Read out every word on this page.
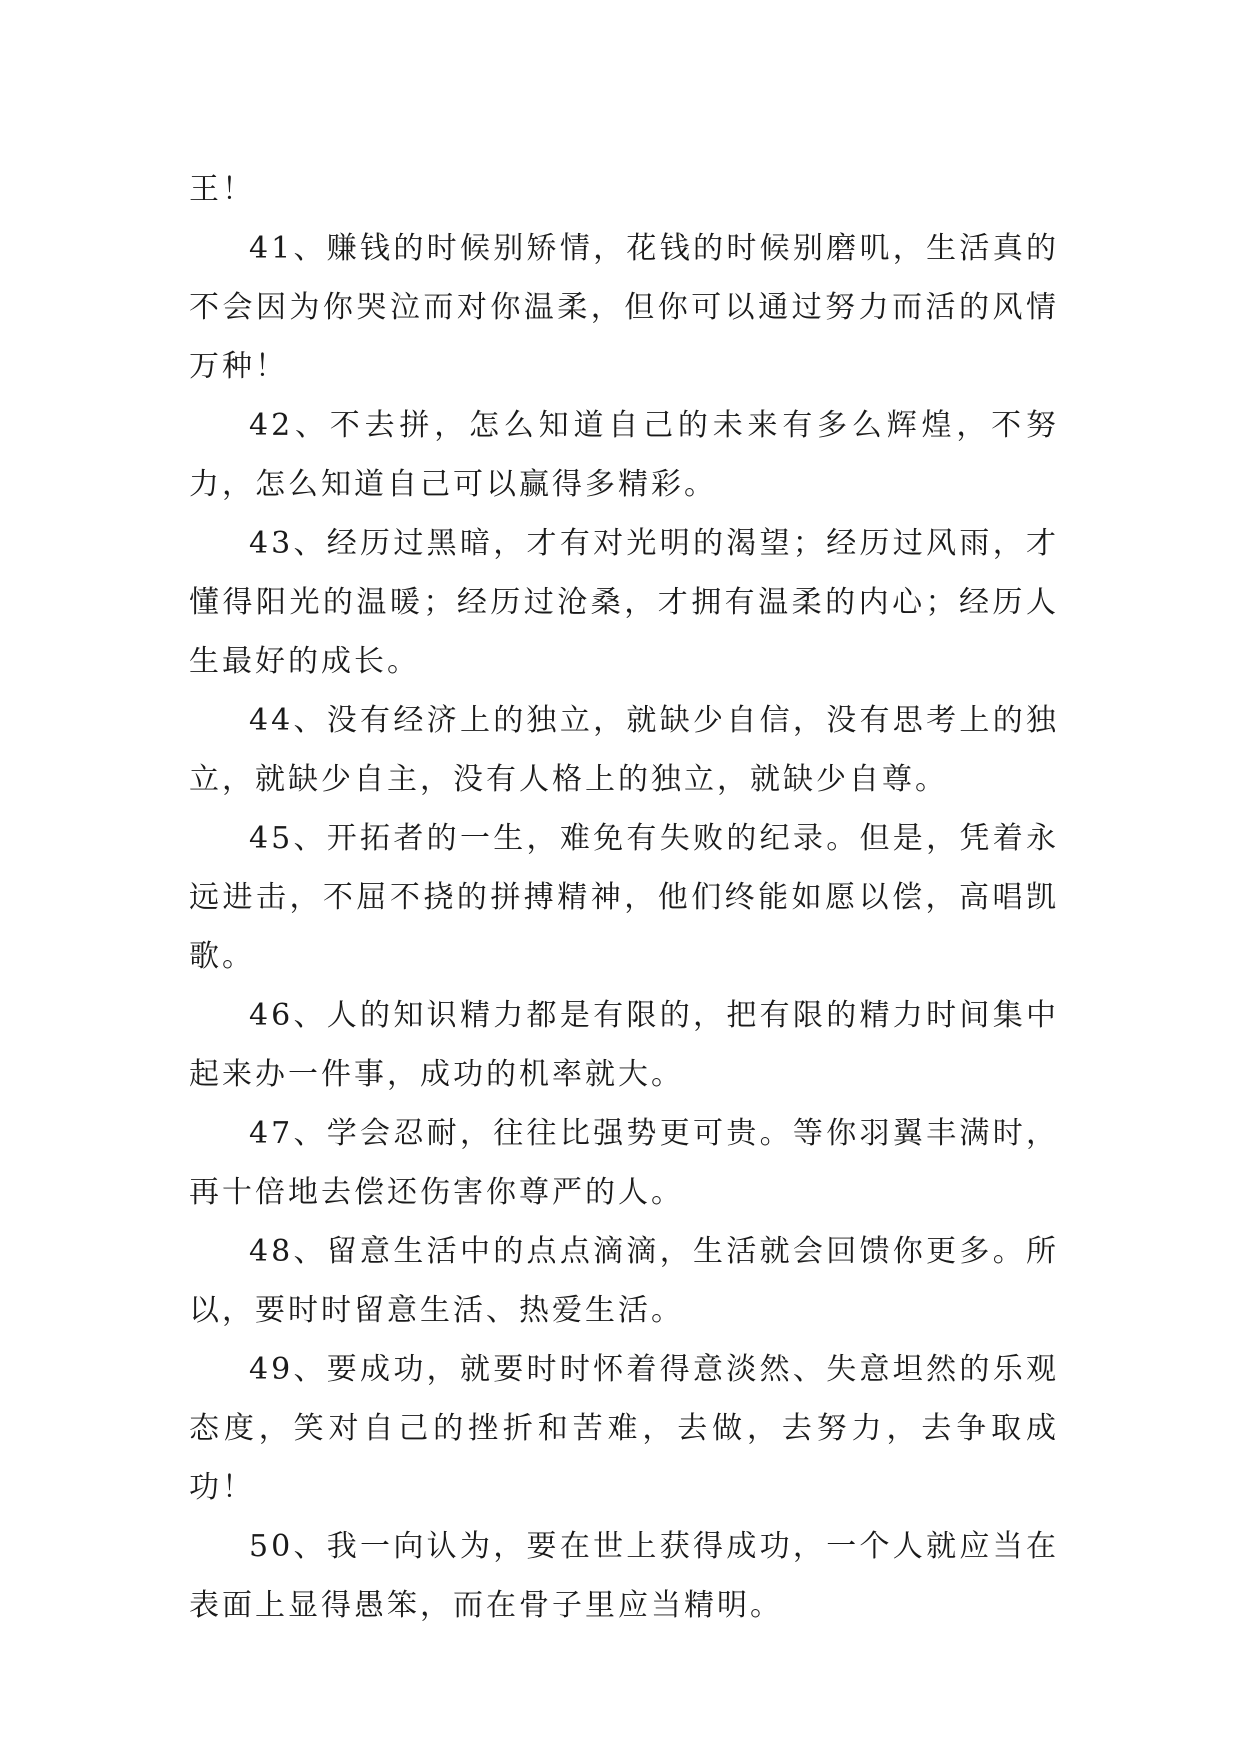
王！

41、赚钱的时候别矫情，花钱的时候别磨叽，生活真的不会因为你哭泣而对你温柔，但你可以通过努力而活的风情万种！

42、不去拼，怎么知道自己的未来有多么辉煌，不努力，怎么知道自己可以赢得多精彩。

43、经历过黑暗，才有对光明的渴望；经历过风雨，才懂得阳光的温暖；经历过沧桑，才拥有温柔的内心；经历人生最好的成长。

44、没有经济上的独立，就缺少自信，没有思考上的独立，就缺少自主，没有人格上的独立，就缺少自尊。

45、开拓者的一生，难免有失败的纪录。但是，凭着永远进击，不屈不挠的拼搏精神，他们终能如愿以偿，高唱凯歌。

46、人的知识精力都是有限的，把有限的精力时间集中起来办一件事，成功的机率就大。

47、学会忍耐，往往比强势更可贵。等你羽翼丰满时，再十倍地去偿还伤害你尊严的人。

48、留意生活中的点点滴滴，生活就会回馈你更多。所以，要时时留意生活、热爱生活。

49、要成功，就要时时怀着得意淡然、失意坦然的乐观态度，笑对自己的挫折和苦难，去做，去努力，去争取成功！

50、我一向认为，要在世上获得成功，一个人就应当在表面上显得愚笨，而在骨子里应当精明。
